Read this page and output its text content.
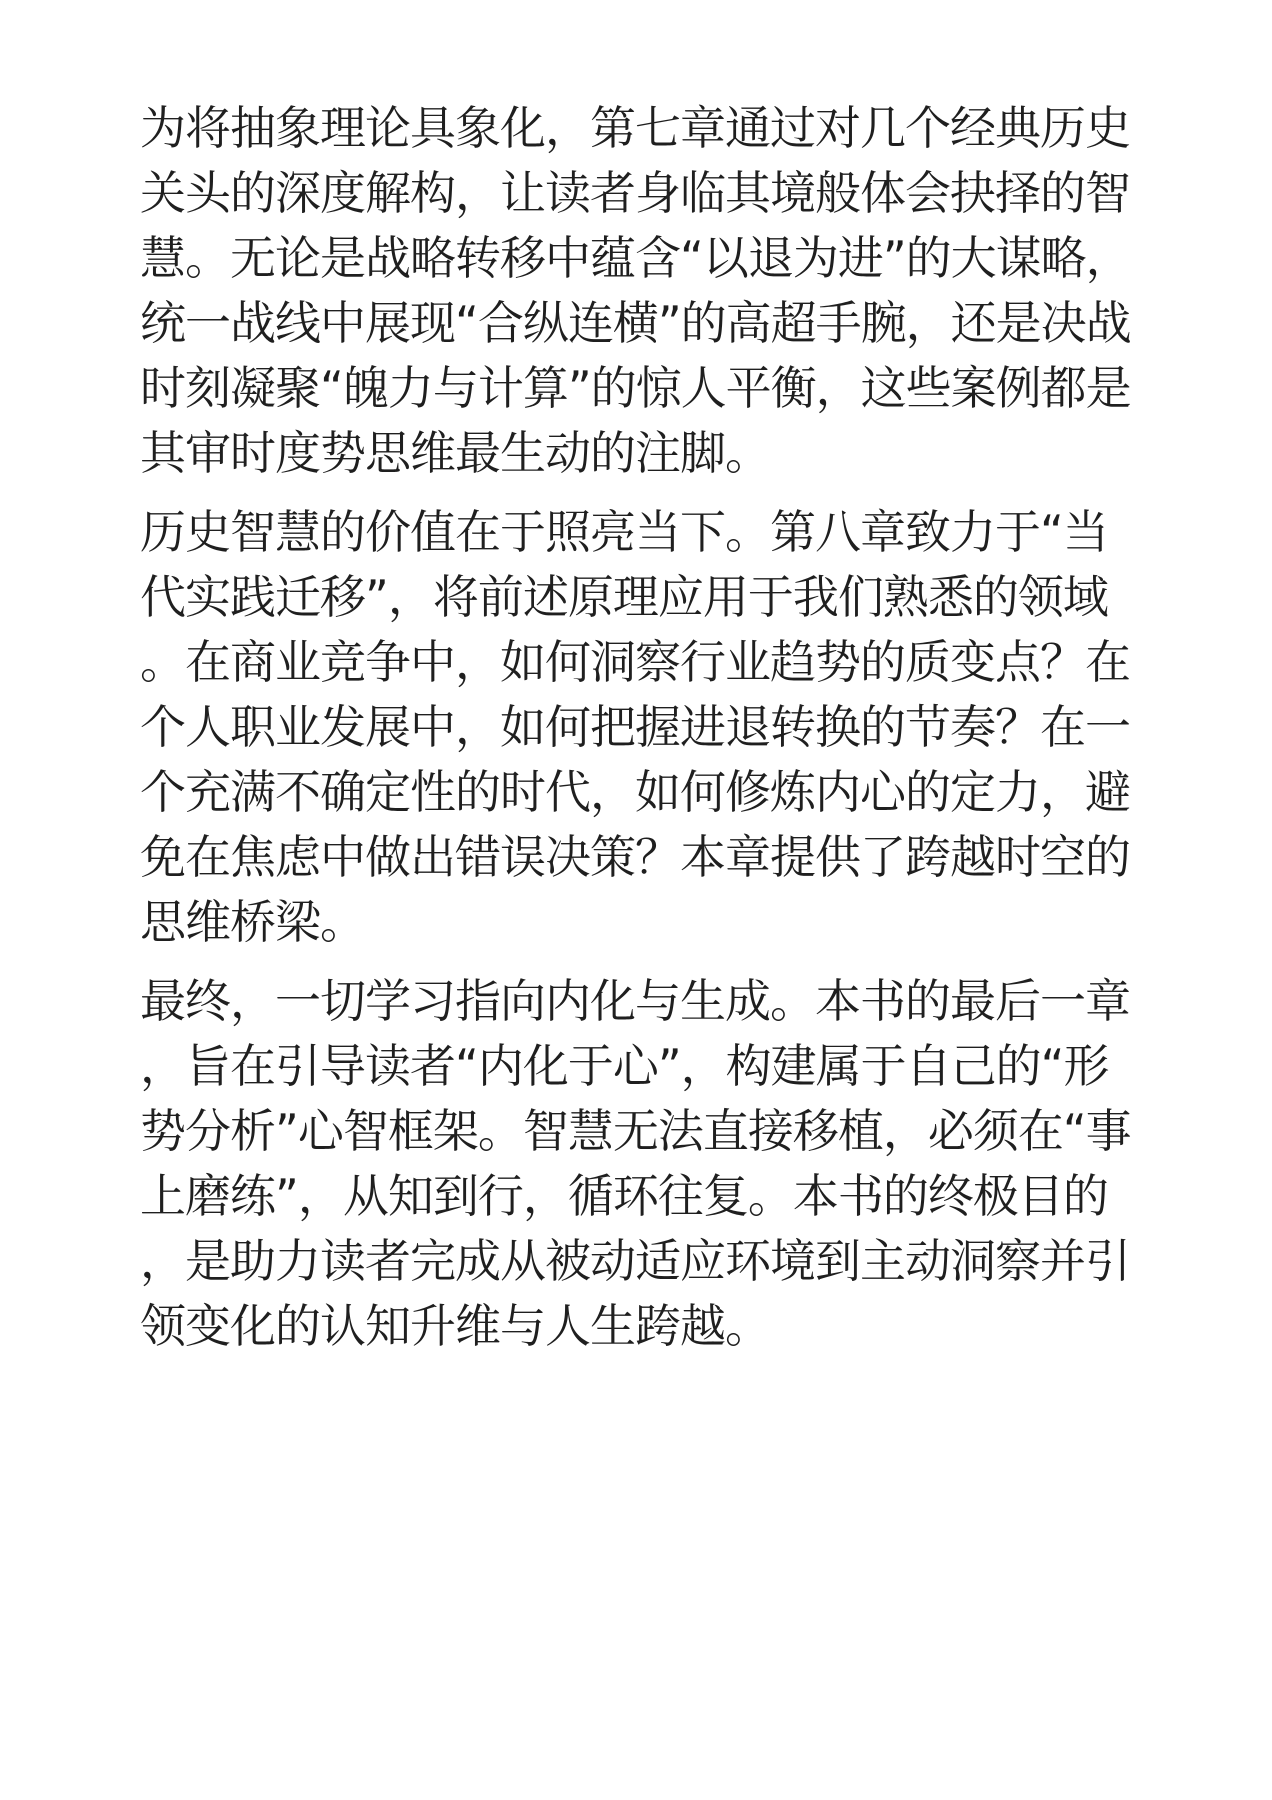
为将抽象理论具象化，第七章通过对几个经典历史关头的深度解构，让读者身临其境般体会抉择的智慧。无论是战略转移中蕴含“以退为进”的大谋略，统一战线中展现“合纵连横”的高超手腕，还是决战时刻凝聚“魄力与计算”的惊人平衡，这些案例都是其审时度势思维最生动的注脚。

历史智慧的价值在于照亮当下。第八章致力于“当代实践迁移”，将前述原理应用于我们熟悉的领域。在商业竞争中，如何洞察行业趋势的质变点？在个人职业发展中，如何把握进退转换的节奏？在一个充满不确定性的时代，如何修炼内心的定力，避免在焦虑中做出错误决策？本章提供了跨越时空的思维桥梁。

最终，一切学习指向内化与生成。本书的最后一章，旨在引导读者“内化于心”，构建属于自己的“形势分析”心智框架。智慧无法直接移植，必须在“事上磨练”，从知到行，循环往复。本书的终极目的，是助力读者完成从被动适应环境到主动洞察并引领变化的认知升维与人生跨越。
